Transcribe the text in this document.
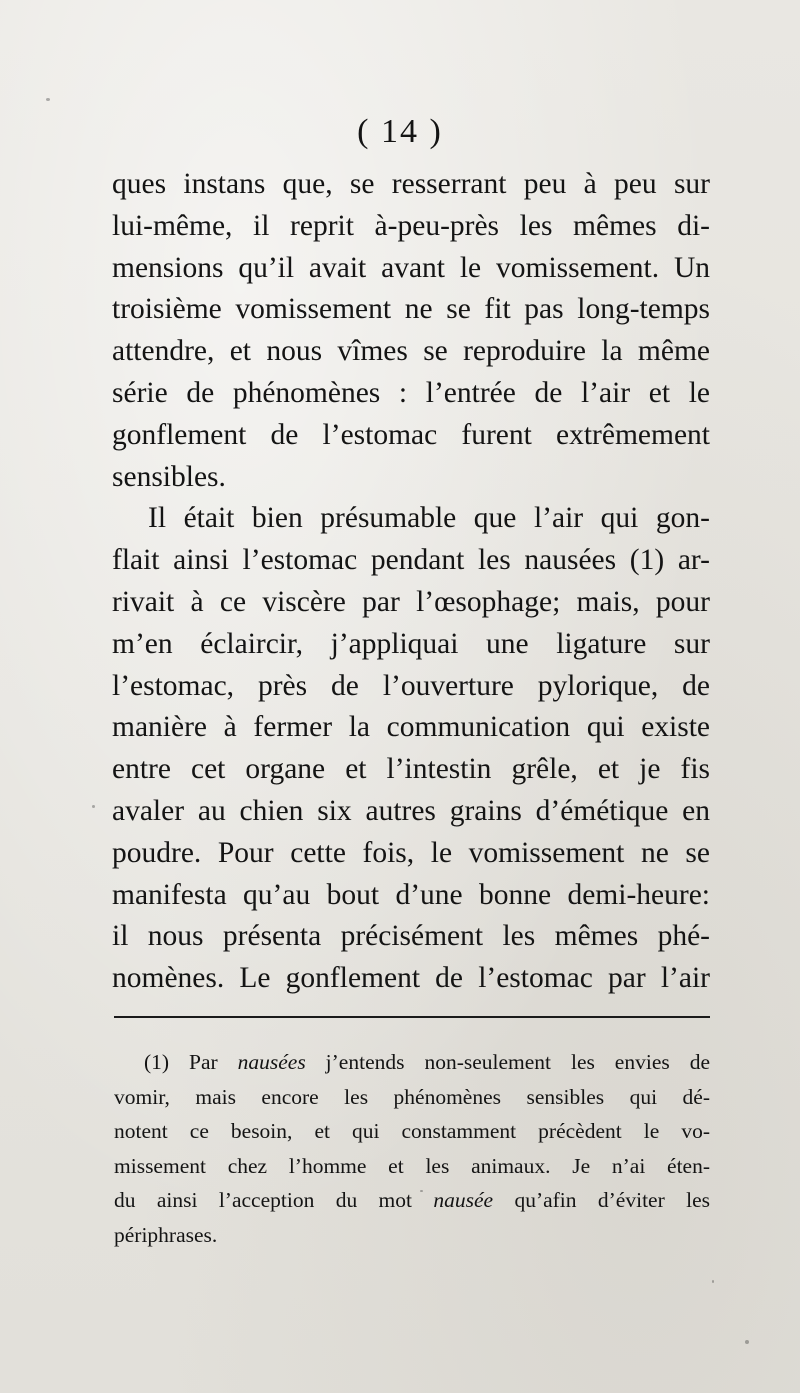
( 14 )
ques instans que, se resserrant peu à peu sur
lui-même, il reprit à-peu-près les mêmes di-
mensions qu’il avait avant le vomissement. Un
troisième vomissement ne se fit pas long-temps
attendre, et nous vîmes se reproduire la même
série de phénomènes : l’entrée de l’air et le
gonflement de l’estomac furent extrêmement
sensibles.
Il était bien présumable que l’air qui gon-
flait ainsi l’estomac pendant les nausées (1) ar-
rivait à ce viscère par l’œsophage; mais, pour
m’en éclaircir, j’appliquai une ligature sur
l’estomac, près de l’ouverture pylorique, de
manière à fermer la communication qui existe
entre cet organe et l’intestin grêle, et je fis
avaler au chien six autres grains d’émétique en
poudre. Pour cette fois, le vomissement ne se
manifesta qu’au bout d’une bonne demi-heure:
il nous présenta précisément les mêmes phé-
nomènes. Le gonflement de l’estomac par l’air
(1) Par nausées j’entends non-seulement les envies de
vomir, mais encore les phénomènes sensibles qui dé-
notent ce besoin, et qui constamment précèdent le vo-
missement chez l’homme et les animaux. Je n’ai éten-
du ainsi l’acception du mot nausée qu’afin d’éviter les
périphrases.
